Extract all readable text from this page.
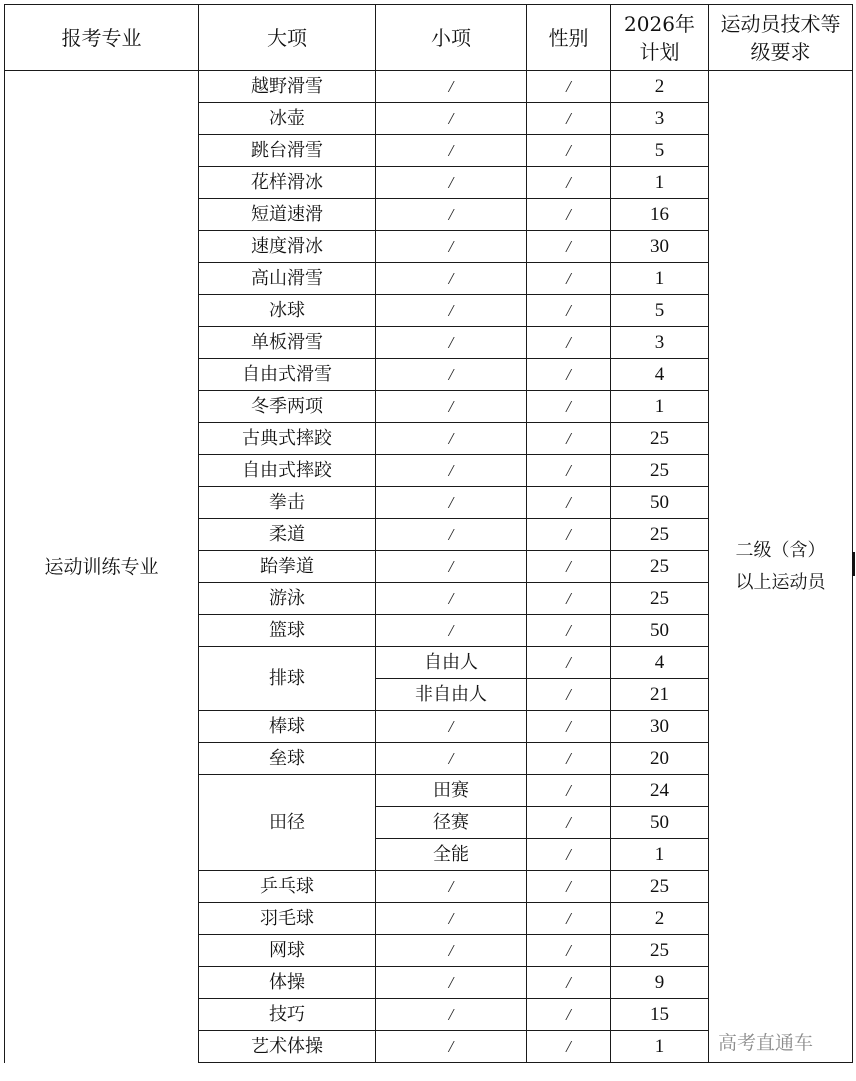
报考专业	大项	小项	性别	2026年计划	运动员技术等级要求
运动训练专业	越野滑雪	/	/	2	二级（含）以上运动员
	冰壶	/	/	3	
	跳台滑雪	/	/	5	
	花样滑冰	/	/	1	
	短道速滑	/	/	16	
	速度滑冰	/	/	30	
	高山滑雪	/	/	1	
	冰球	/	/	5	
	单板滑雪	/	/	3	
	自由式滑雪	/	/	4	
	冬季两项	/	/	1	
	古典式摔跤	/	/	25	
	自由式摔跤	/	/	25	
	拳击	/	/	50	
	柔道	/	/	25	
	跆拳道	/	/	25	
	游泳	/	/	25	
	篮球	/	/	50	
	排球	自由人	/	4	
		非自由人	/	21	
	棒球	/	/	30	
	垒球	/	/	20	
	田径	田赛	/	24	
		径赛	/	50	
		全能	/	1	
	乒乓球	/	/	25	
	羽毛球	/	/	2	
	网球	/	/	25	
	体操	/	/	9	
	技巧	/	/	15	
	艺术体操	/	/	1		高考直通车
